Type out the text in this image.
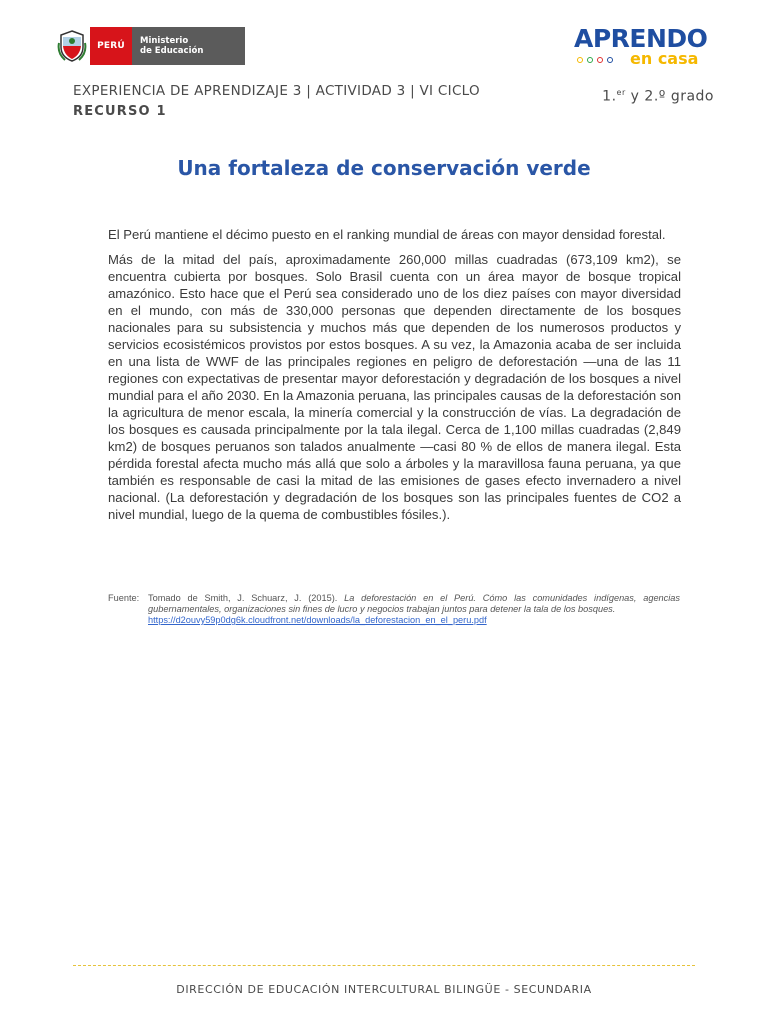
PERÚ	Ministerio
de Educación	APRENDO
en casa
EXPERIENCIA DE APRENDIZAJE 3 | ACTIVIDAD 3 | VI CICLO
RECURSO 1
1.$^{er}$ y 2.º grado
Una fortaleza de conservación verde

El Perú mantiene el décimo puesto en el ranking mundial de áreas con mayor densidad forestal.

Más de la mitad del país, aproximadamente 260,000 millas cuadradas (673,109 km2), se encuentra cubierta por bosques. Solo Brasil cuenta con un área mayor de bosque tropical amazónico. Esto hace que el Perú sea considerado uno de los diez países con mayor diversidad en el mundo, con más de 330,000 personas que dependen directamente de los bosques nacionales para su subsistencia y muchos más que dependen de los numerosos productos y servicios ecosistémicos provistos por estos bosques. A su vez, la Amazonia acaba de ser incluida en una lista de WWF de las principales regiones en peligro de deforestación —una de las 11 regiones con expectativas de presentar mayor deforestación y degradación de los bosques a nivel mundial para el año 2030. En la Amazonia peruana, las principales causas de la deforestación son la agricultura de menor escala, la minería comercial y la construcción de vías. La degradación de los bosques es causada principalmente por la tala ilegal. Cerca de 1,100 millas cuadradas (2,849 km2) de bosques peruanos son talados anualmente —casi 80 % de ellos de manera ilegal. Esta pérdida forestal afecta mucho más allá que solo a árboles y la maravillosa fauna peruana, ya que también es responsable de casi la mitad de las emisiones de gases efecto invernadero a nivel nacional. (La deforestación y degradación de los bosques son las principales fuentes de CO2 a nivel mundial, luego de la quema de combustibles fósiles.).

Fuente: Tomado de Smith, J. Schuarz, J. (2015). La deforestación en el Perú. Cómo las comunidades indígenas, agencias gubernamentales, organizaciones sin fines de lucro y negocios trabajan juntos para detener la tala de los bosques.
https://d2ouvy59p0dg6k.cloudfront.net/downloads/la_deforestacion_en_el_peru.pdf
DIRECCIÓN DE EDUCACIÓN INTERCULTURAL BILINGÜE - SECUNDARIA
